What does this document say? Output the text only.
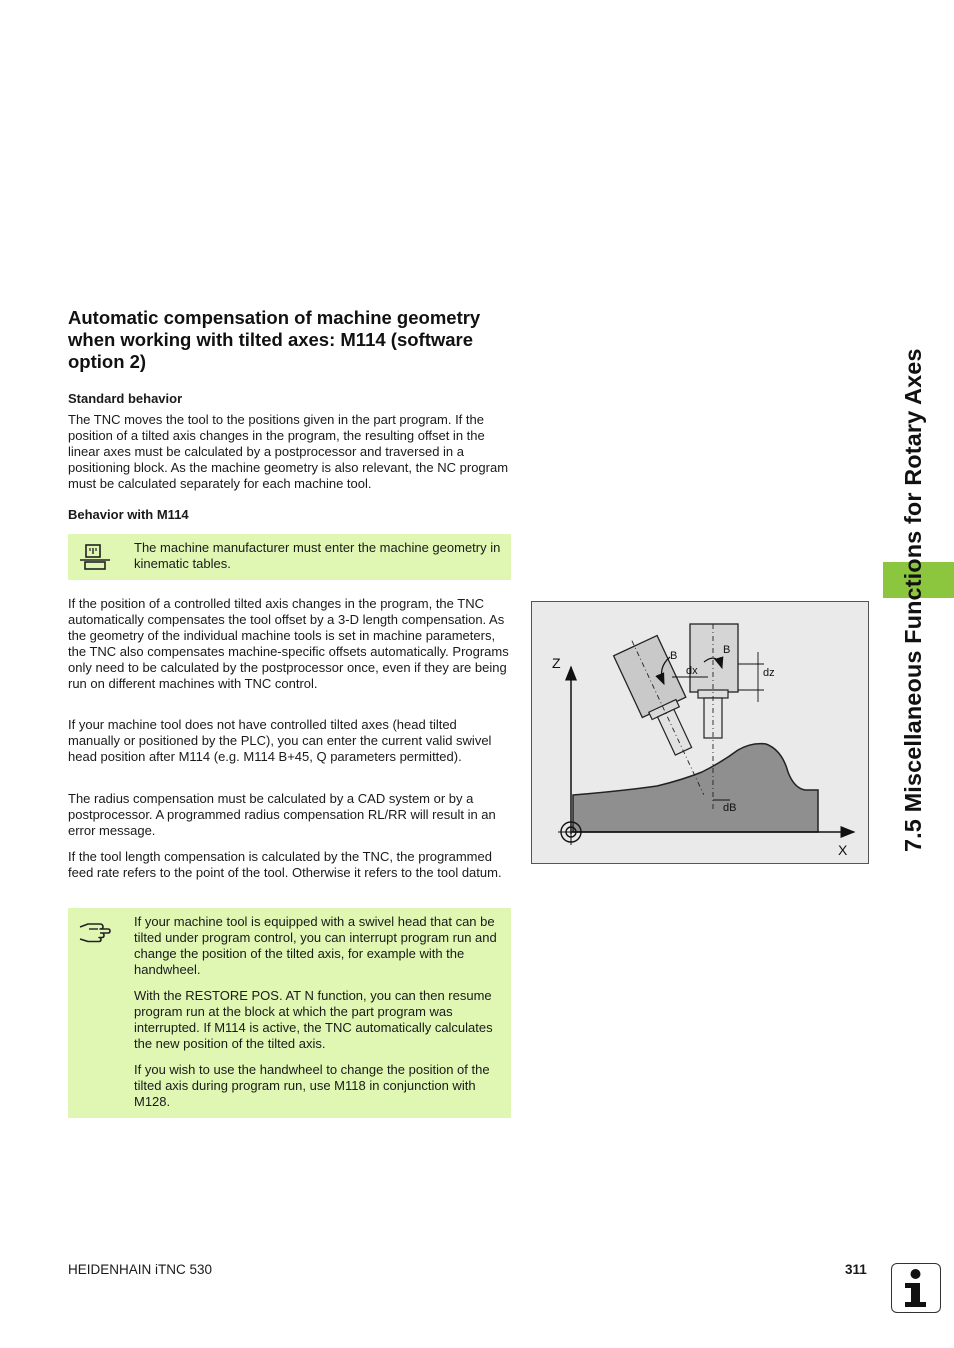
Automatic compensation of machine geometry when working with tilted axes: M114 (software option 2)
Standard behavior

The TNC moves the tool to the positions given in the part program. If the position of a tilted axis changes in the program, the resulting offset in the linear axes must be calculated by a postprocessor and traversed in a positioning block. As the machine geometry is also relevant, the NC program must be calculated separately for each machine tool.

Behavior with M114

The machine manufacturer must enter the machine geometry in kinematic tables.

If the position of a controlled tilted axis changes in the program, the TNC automatically compensates the tool offset by a 3-D length compensation. As the geometry of the individual machine tools is set in machine parameters, the TNC also compensates machine-specific offsets automatically. Programs only need to be calculated by the postprocessor once, even if they are being run on different machines with TNC control.

If your machine tool does not have controlled tilted axes (head tilted manually or positioned by the PLC), you can enter the current valid swivel head position after M114 (e.g. M114 B+45, Q parameters permitted).

The radius compensation must be calculated by a CAD system or by a postprocessor. A programmed radius compensation RL/RR will result in an error message.

If the tool length compensation is calculated by the TNC, the programmed feed rate refers to the point of the tool. Otherwise it refers to the tool datum.

If your machine tool is equipped with a swivel head that can be tilted under program control, you can interrupt program run and change the position of the tilted axis, for example with the handwheel.

With the RESTORE POS. AT N function, you can then resume program run at the block at which the part program was interrupted. If M114 is active, the TNC automatically calculates the new position of the tilted axis.

If you wish to use the handwheel to change the position of the tilted axis during program run, use M118 in conjunction with M128.

Z
X
B	B
dx	dz
dB	7.5 Miscellaneous Functions for Rotary Axes
HEIDENHAIN iTNC 530	311
